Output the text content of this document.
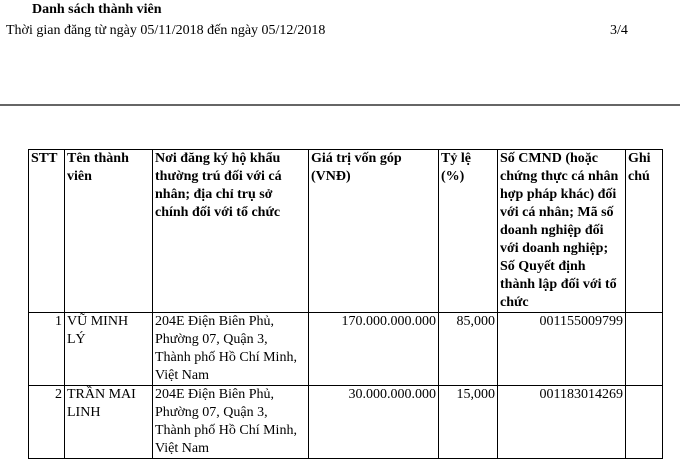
Danh sách thành viên
Thời gian đăng từ ngày 05/11/2018 đến ngày 05/12/2018	3/4
STT	Tên thành viên	Nơi đăng ký hộ khẩu thường trú đối với cá nhân; địa chỉ trụ sở chính đối với tổ chức	Giá trị vốn góp (VNĐ)	Tỷ lệ (%)	Số CMND (hoặc chứng thực cá nhân hợp pháp khác) đối với cá nhân; Mã số doanh nghiệp đối với doanh nghiệp; Số Quyết định thành lập đối với tổ chức	Ghi chú
1	VŨ MINH LÝ	204E Điện Biên Phủ, Phường 07, Quận 3, Thành phố Hồ Chí Minh, Việt Nam	170.000.000.000	85,000	001155009799	
2	TRẦN MAI LINH	204E Điện Biên Phủ, Phường 07, Quận 3, Thành phố Hồ Chí Minh, Việt Nam	30.000.000.000	15,000	001183014269	
